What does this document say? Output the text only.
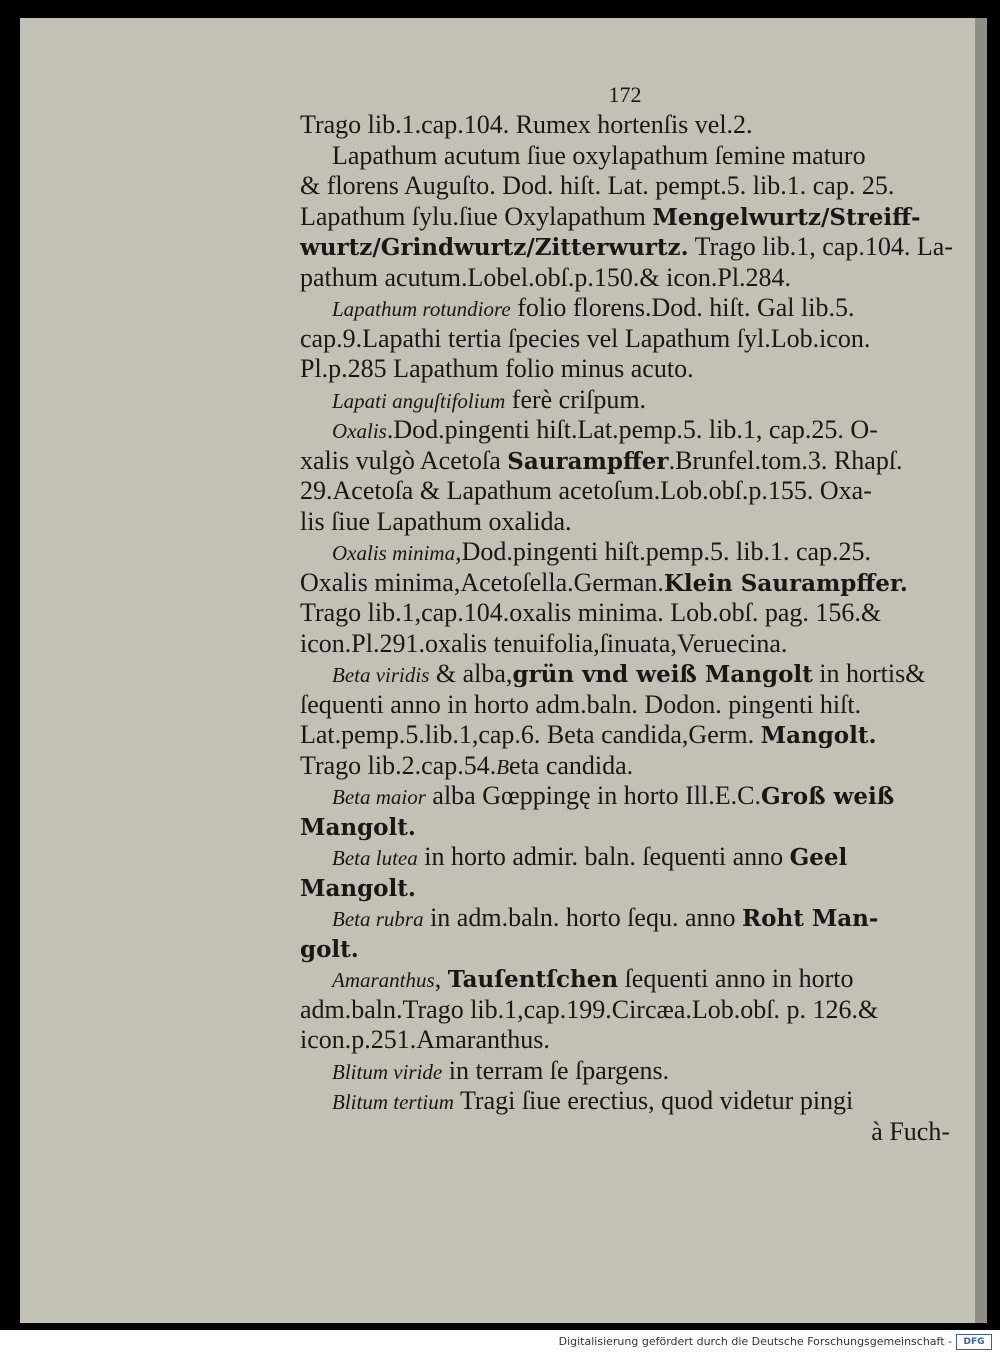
172
Trago lib.1.cap.104. Rumex hortenſis vel.2.
Lapathum acutum ſiue oxylapathum ſemine maturo
& florens Auguſto. Dod. hiſt. Lat. pempt.5. lib.1. cap. 25.
Lapathum ſylu.ſiue Oxylapathum Mengelwurtz/Streiff-
wurtz/Grindwurtz/Zitterwurtz. Trago lib.1, cap.104. La-
pathum acutum.Lobel.obſ.p.150.& icon.Pl.284.
Lapathum rotundiore folio florens.Dod. hiſt. Gal lib.5.
cap.9.Lapathi tertia ſpecies vel Lapathum ſyl.Lob.icon.
Pl.p.285 Lapathum folio minus acuto.
Lapati anguſtifolium ferè criſpum.
Oxalis.Dod.pingenti hiſt.Lat.pemp.5. lib.1, cap.25. O-
xalis vulgò Acetoſa Saurampffer.Brunfel.tom.3. Rhapſ.
29.Acetoſa & Lapathum acetoſum.Lob.obſ.p.155. Oxa-
lis ſiue Lapathum oxalida.
Oxalis minima,Dod.pingenti hiſt.pemp.5. lib.1. cap.25.
Oxalis minima,Acetoſella.German.Klein Saurampffer.
Trago lib.1,cap.104.oxalis minima. Lob.obſ. pag. 156.&
icon.Pl.291.oxalis tenuifolia,ſinuata,Veruecina.
Beta viridis & alba,grün vnd weiß Mangolt in hortis&
ſequenti anno in horto adm.baln. Dodon. pingenti hiſt.
Lat.pemp.5.lib.1,cap.6. Beta candida,Germ. Mangolt.
Trago lib.2.cap.54.Beta candida.
Beta maior alba Gœppingę in horto Ill.E.C.Groß weiß
Mangolt.
Beta lutea in horto admir. baln. ſequenti anno Geel
Mangolt.
Beta rubra in adm.baln. horto ſequ. anno Roht Man-
golt.
Amaranthus, Tauſentſchen ſequenti anno in horto
adm.baln.Trago lib.1,cap.199.Circæa.Lob.obſ. p. 126.&
icon.p.251.Amaranthus.
Blitum viride in terram ſe ſpargens.
Blitum tertium Tragi ſiue erectius, quod videtur pingi
à Fuch-
Digitalisierung gefördert durch die Deutsche Forschungsgemeinschaft -	DFG
